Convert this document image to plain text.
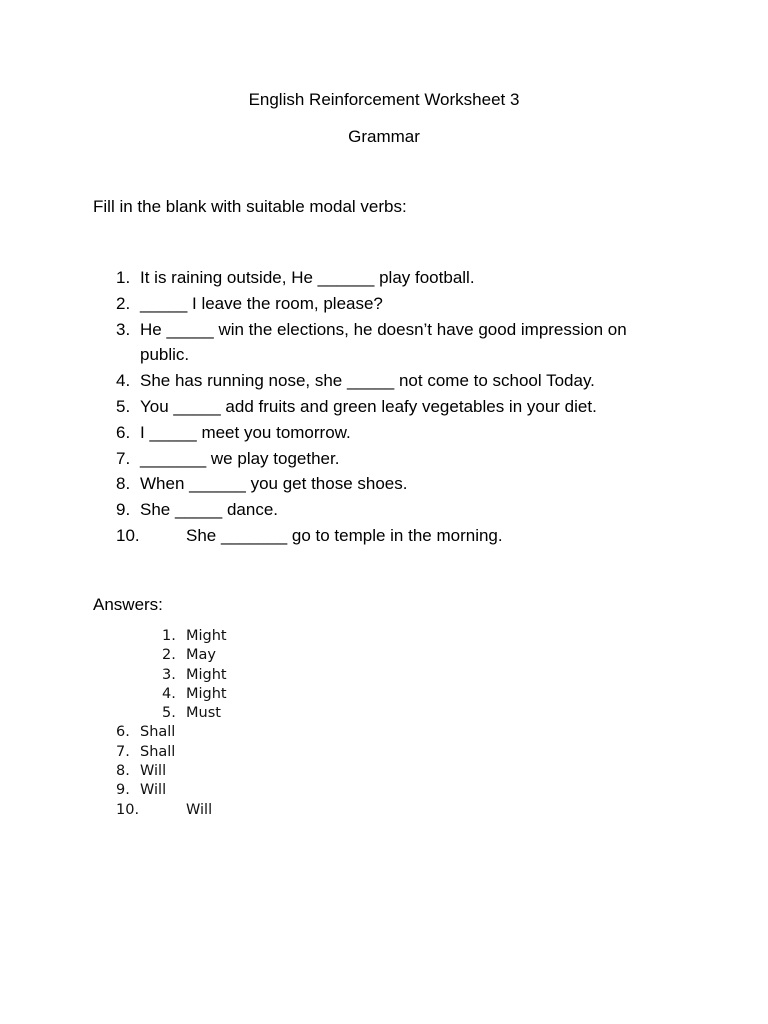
English Reinforcement Worksheet 3
Grammar
Fill in the blank with suitable modal verbs:
1. It is raining outside, He ______ play football.
2. _____ I leave the room, please?
3. He _____ win the elections, he doesn’t have good impression on public.
4. She has running nose, she _____ not come to school Today.
5. You _____ add fruits and green leafy vegetables in your diet.
6. I _____ meet you tomorrow.
7. _______ we play together.
8. When ______ you get those shoes.
9. She _____ dance.
10.	She _______ go to temple in the morning.
Answers:
1. Might
2. May
3. Might
4. Might
5. Must
6. Shall
7. Shall
8. Will
9. Will
10.	Will
